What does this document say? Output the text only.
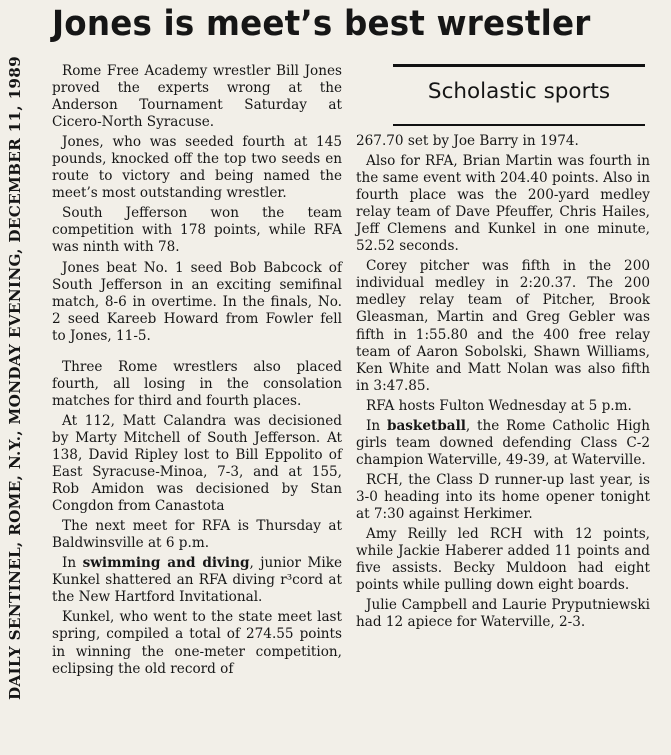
DAILY SENTINEL, ROME, N.Y., MONDAY EVENING, DECEMBER 11, 1989
Jones is meet’s best wrestler
Scholastic sports

Rome Free Academy wrestler Bill Jones proved the experts wrong at the Anderson Tournament Saturday at Cicero-North Syracuse.

Jones, who was seeded fourth at 145 pounds, knocked off the top two seeds en route to victory and being named the meet’s most outstanding wrestler.

South Jefferson won the team competition with 178 points, while RFA was ninth with 78.

Jones beat No. 1 seed Bob Babcock of South Jefferson in an exciting semifinal match, 8-6 in overtime. In the finals, No. 2 seed Kareeb Howard from Fowler fell to Jones, 11-5.

Three Rome wrestlers also placed fourth, all losing in the consolation matches for third and fourth places.

At 112, Matt Calandra was decisioned by Marty Mitchell of South Jefferson. At 138, David Ripley lost to Bill Eppolito of East Syracuse-Minoa, 7-3, and at 155, Rob Amidon was decisioned by Stan Congdon from Canastota

The next meet for RFA is Thursday at Baldwinsville at 6 p.m.

In swimming and diving, junior Mike Kunkel shattered an RFA diving r³cord at the New Hartford Invitational.

Kunkel, who went to the state meet last spring, compiled a total of 274.55 points in winning the one-meter competition, eclipsing the old record of

267.70 set by Joe Barry in 1974.

Also for RFA, Brian Martin was fourth in the same event with 204.40 points. Also in fourth place was the 200-yard medley relay team of Dave Pfeuffer, Chris Hailes, Jeff Clemens and Kunkel in one minute, 52.52 seconds.

Corey pitcher was fifth in the 200 individual medley in 2:20.37. The 200 medley relay team of Pitcher, Brook Gleasman, Martin and Greg Gebler was fifth in 1:55.80 and the 400 free relay team of Aaron Sobolski, Shawn Williams, Ken White and Matt Nolan was also fifth in 3:47.85.

RFA hosts Fulton Wednesday at 5 p.m.

In basketball, the Rome Catholic High girls team downed defending Class C-2 champion Waterville, 49-39, at Waterville.

RCH, the Class D runner-up last year, is 3-0 heading into its home opener tonight at 7:30 against Herkimer.

Amy Reilly led RCH with 12 points, while Jackie Haberer added 11 points and five assists. Becky Muldoon had eight points while pulling down eight boards.

Julie Campbell and Laurie Pryputniewski had 12 apiece for Waterville, 2-3.
